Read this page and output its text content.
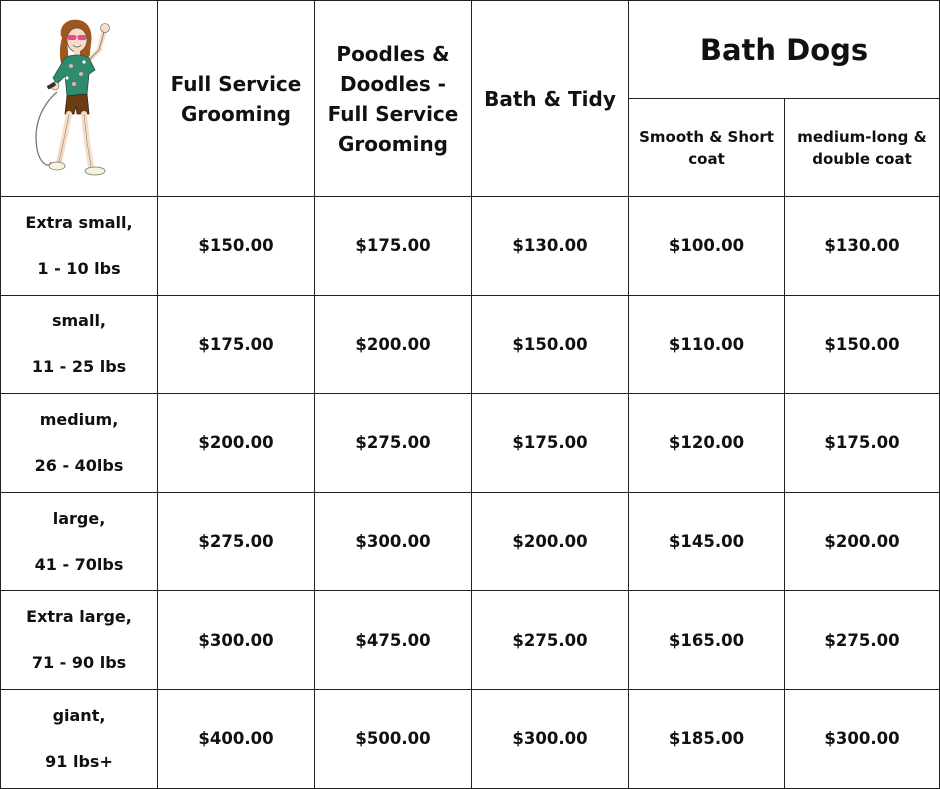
	Full Service Grooming	Poodles & Doodles - Full Service Grooming	Bath & Tidy	Bath Dogs	
				Smooth & Short coat	medium-long & double coat
Extra small,
1 - 10 lbs	$150.00	$175.00	$130.00	$100.00	$130.00
small,
11 - 25 lbs	$175.00	$200.00	$150.00	$110.00	$150.00
medium,
26 - 40lbs	$200.00	$275.00	$175.00	$120.00	$175.00
large,
41 - 70lbs	$275.00	$300.00	$200.00	$145.00	$200.00
Extra large,
71 - 90 lbs	$300.00	$475.00	$275.00	$165.00	$275.00
giant,
91 lbs+	$400.00	$500.00	$300.00	$185.00	$300.00
